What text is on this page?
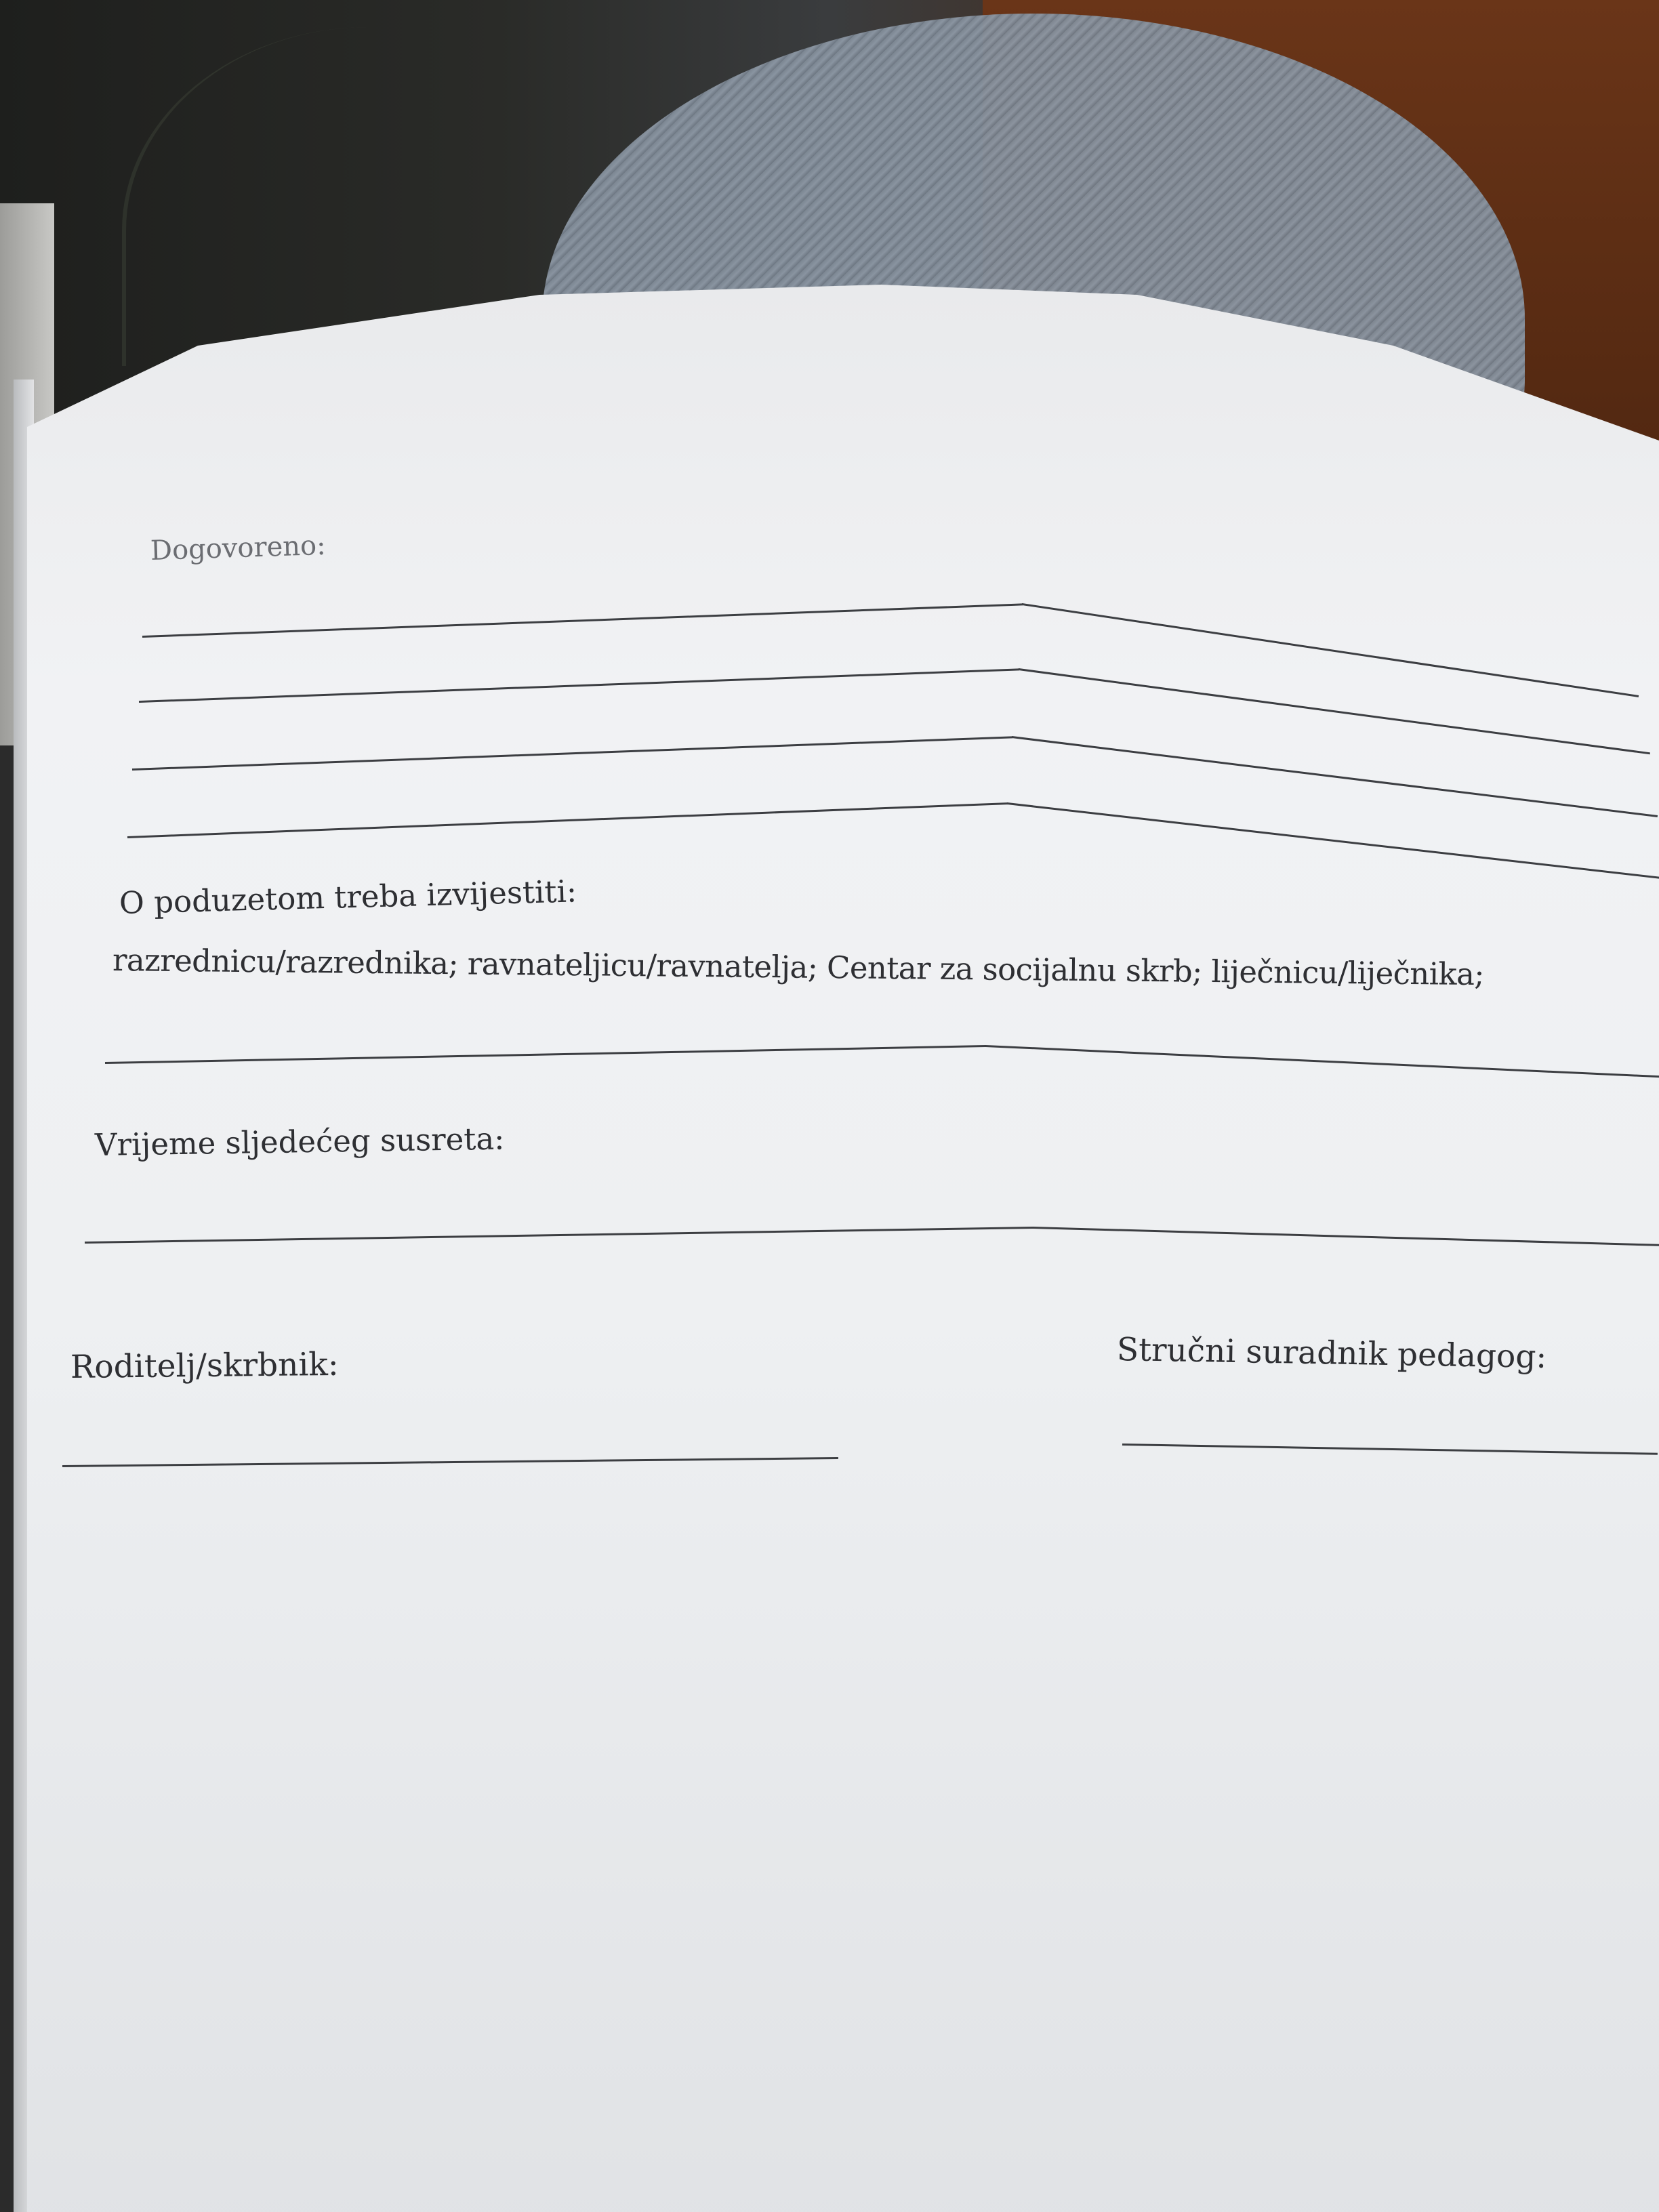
Dogovoreno:
O poduzetom treba izvijestiti:
razrednicu/razrednika; ravnateljicu/ravnatelja; Centar za socijalnu skrb; liječnicu/liječnika;
Vrijeme sljedećeg susreta:
Roditelj/skrbnik:	Stručni suradnik pedagog:
